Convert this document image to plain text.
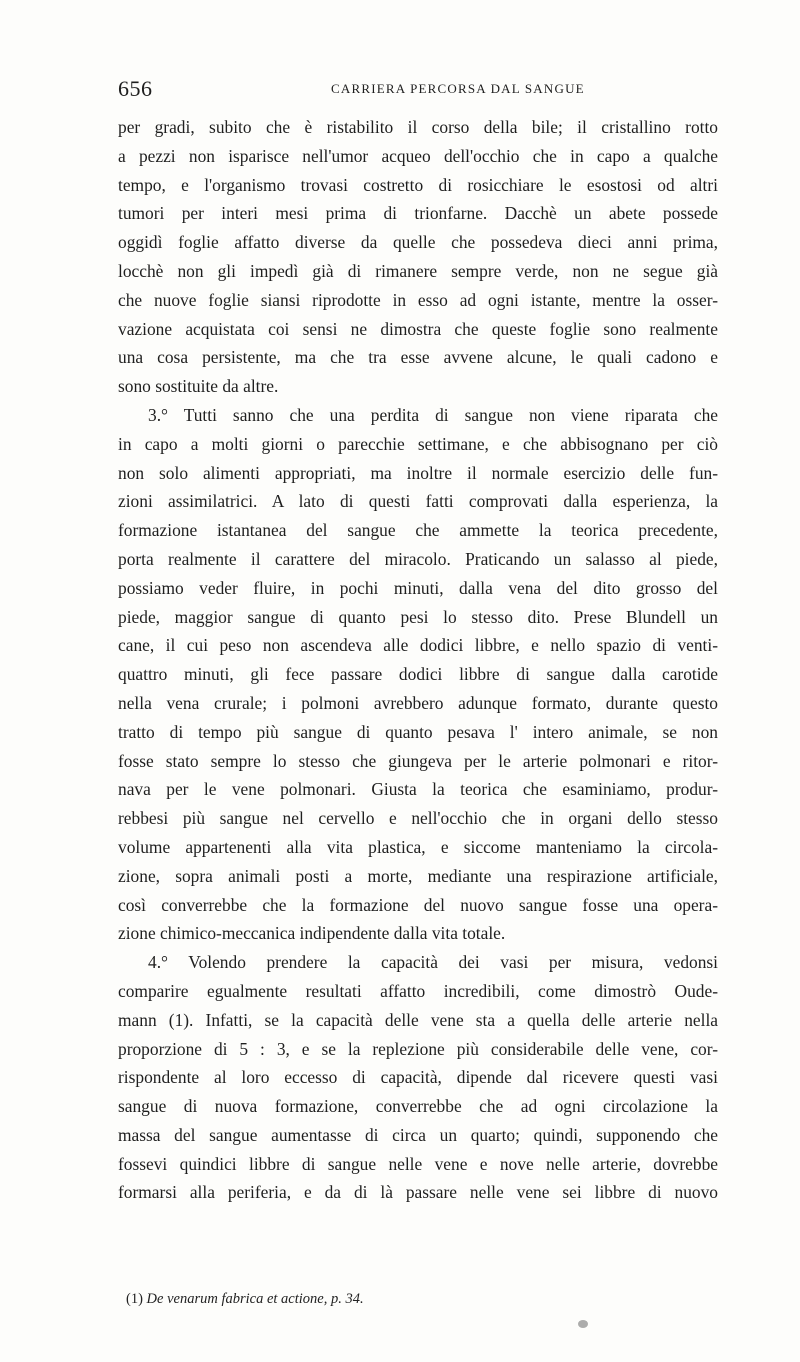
656	CARRIERA PERCORSA DAL SANGUE
per gradi, subito che è ristabilito il corso della bile; il cristallino rotto
a pezzi non isparisce nell'umor acqueo dell'occhio che in capo a qualche
tempo, e l'organismo trovasi costretto di rosicchiare le esostosi od altri
tumori per interi mesi prima di trionfarne. Dacchè un abete possede
oggidì foglie affatto diverse da quelle che possedeva dieci anni prima,
locchè non gli impedì già di rimanere sempre verde, non ne segue già
che nuove foglie siansi riprodotte in esso ad ogni istante, mentre la osser-
vazione acquistata coi sensi ne dimostra che queste foglie sono realmente
una cosa persistente, ma che tra esse avvene alcune, le quali cadono e
sono sostituite da altre.
3.° Tutti sanno che una perdita di sangue non viene riparata che
in capo a molti giorni o parecchie settimane, e che abbisognano per ciò
non solo alimenti appropriati, ma inoltre il normale esercizio delle fun-
zioni assimilatrici. A lato di questi fatti comprovati dalla esperienza, la
formazione istantanea del sangue che ammette la teorica precedente,
porta realmente il carattere del miracolo. Praticando un salasso al piede,
possiamo veder fluire, in pochi minuti, dalla vena del dito grosso del
piede, maggior sangue di quanto pesi lo stesso dito. Prese Blundell un
cane, il cui peso non ascendeva alle dodici libbre, e nello spazio di venti-
quattro minuti, gli fece passare dodici libbre di sangue dalla carotide
nella vena crurale; i polmoni avrebbero adunque formato, durante questo
tratto di tempo più sangue di quanto pesava l' intero animale, se non
fosse stato sempre lo stesso che giungeva per le arterie polmonari e ritor-
nava per le vene polmonari. Giusta la teorica che esaminiamo, produr-
rebbesi più sangue nel cervello e nell'occhio che in organi dello stesso
volume appartenenti alla vita plastica, e siccome manteniamo la circola-
zione, sopra animali posti a morte, mediante una respirazione artificiale,
così converrebbe che la formazione del nuovo sangue fosse una opera-
zione chimico-meccanica indipendente dalla vita totale.
4.° Volendo prendere la capacità dei vasi per misura, vedonsi
comparire egualmente resultati affatto incredibili, come dimostrò Oude-
mann (1). Infatti, se la capacità delle vene sta a quella delle arterie nella
proporzione di 5 : 3, e se la replezione più considerabile delle vene, cor-
rispondente al loro eccesso di capacità, dipende dal ricevere questi vasi
sangue di nuova formazione, converrebbe che ad ogni circolazione la
massa del sangue aumentasse di circa un quarto; quindi, supponendo che
fossevi quindici libbre di sangue nelle vene e nove nelle arterie, dovrebbe
formarsi alla periferia, e da di là passare nelle vene sei libbre di nuovo
(1) De venarum fabrica et actione, p. 34.
